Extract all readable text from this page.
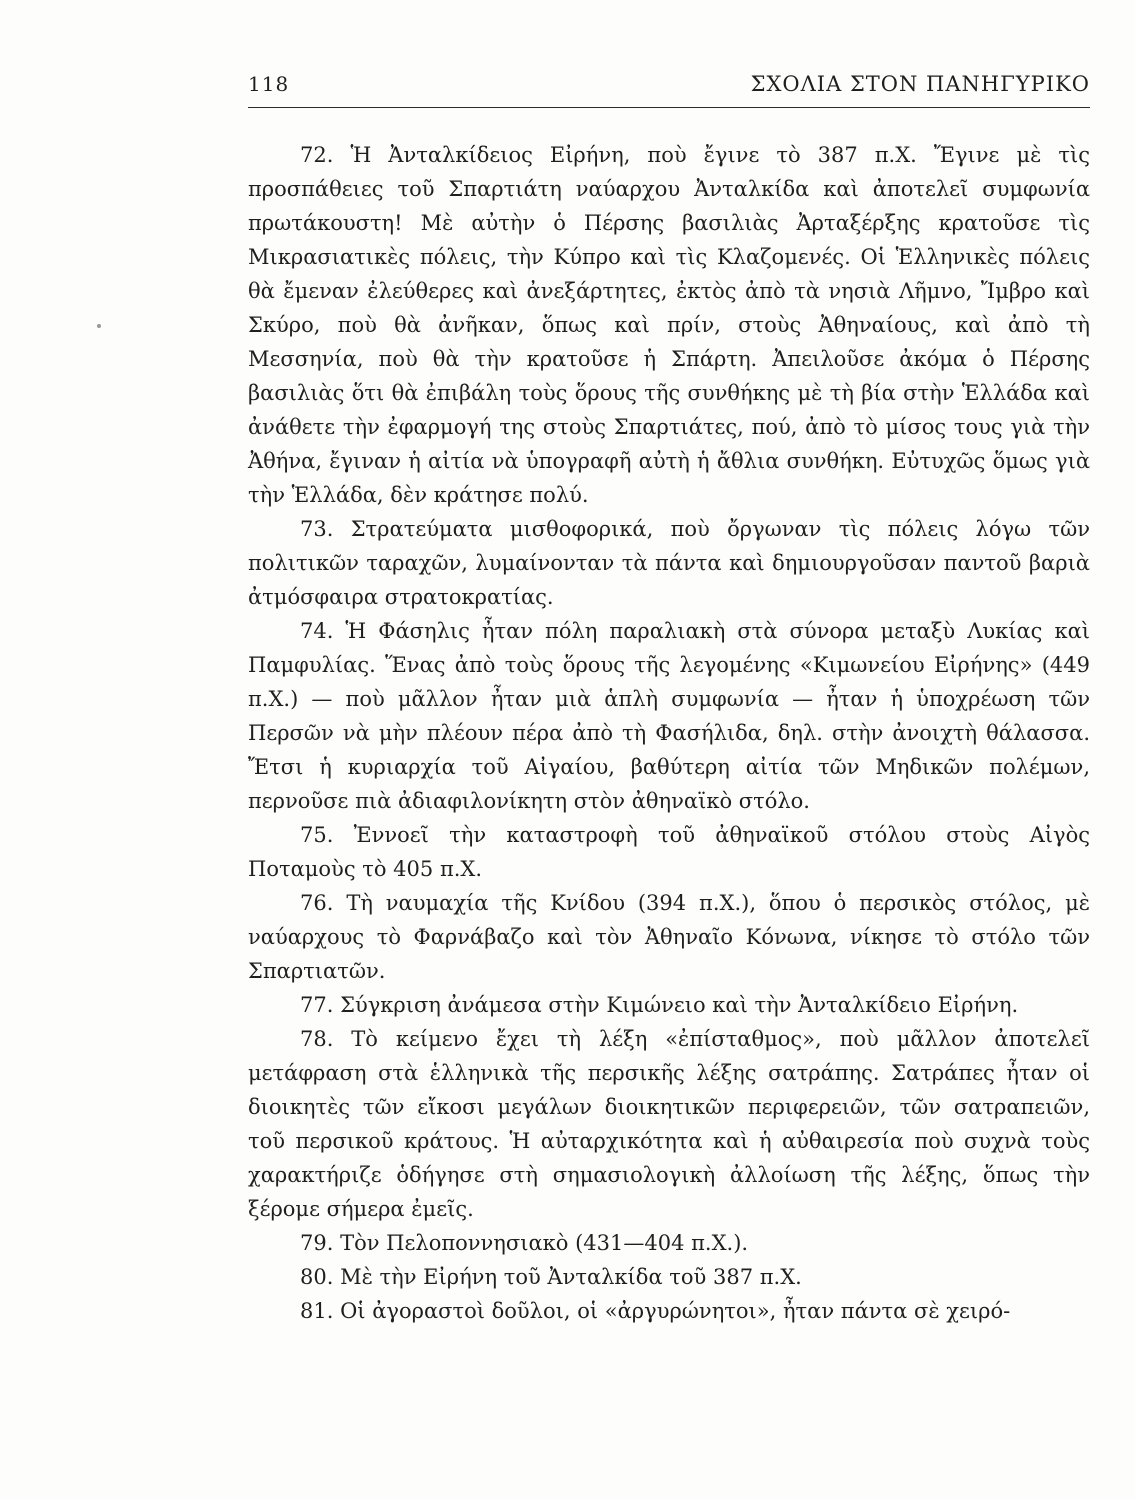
118	ΣΧΟΛΙΑ ΣΤΟΝ ΠΑΝΗΓΥΡΙΚΟ

72. Ἡ Ἀνταλκίδειος Εἰρήνη, ποὺ ἔγινε τὸ 387 π.Χ. Ἔγινε μὲ τὶς προσπάθειες τοῦ Σπαρτιάτη ναύαρχου Ἀνταλκίδα καὶ ἀποτελεῖ συμφωνία πρωτάκουστη! Μὲ αὐτὴν ὁ Πέρσης βασιλιὰς Ἀρταξέρξης κρατοῦσε τὶς Μικρασιατικὲς πόλεις, τὴν Κύπρο καὶ τὶς Κλαζομενές. Οἱ Ἑλληνικὲς πόλεις θὰ ἔμεναν ἐλεύθερες καὶ ἀνεξάρτητες, ἐκτὸς ἀπὸ τὰ νησιὰ Λῆμνο, Ἴμβρο καὶ Σκύρο, ποὺ θὰ ἀνῆκαν, ὅπως καὶ πρίν, στοὺς Ἀθηναίους, καὶ ἀπὸ τὴ Μεσσηνία, ποὺ θὰ τὴν κρατοῦσε ἡ Σπάρτη. Ἀπειλοῦσε ἀκόμα ὁ Πέρσης βασιλιὰς ὅτι θὰ ἐπιβάλη τοὺς ὅρους τῆς συνθήκης μὲ τὴ βία στὴν Ἑλλάδα καὶ ἀνάθετε τὴν ἐφαρμογή της στοὺς Σπαρτιάτες, πού, ἀπὸ τὸ μίσος τους γιὰ τὴν Ἀθήνα, ἔγιναν ἡ αἰτία νὰ ὑπογραφῆ αὐτὴ ἡ ἄθλια συνθήκη. Εὐτυχῶς ὅμως γιὰ τὴν Ἑλλάδα, δὲν κράτησε πολύ.

73. Στρατεύματα μισθοφορικά, ποὺ ὄργωναν τὶς πόλεις λόγω τῶν πολιτικῶν ταραχῶν, λυμαίνονταν τὰ πάντα καὶ δημιουργοῦσαν παντοῦ βαριὰ ἀτμόσφαιρα στρατοκρατίας.

74. Ἡ Φάσηλις ἦταν πόλη παραλιακὴ στὰ σύνορα μεταξὺ Λυκίας καὶ Παμφυλίας. Ἕνας ἀπὸ τοὺς ὅρους τῆς λεγομένης «Κιμωνείου Εἰρήνης» (449 π.Χ.) — ποὺ μᾶλλον ἦταν μιὰ ἁπλὴ συμφωνία — ἦταν ἡ ὑποχρέωση τῶν Περσῶν νὰ μὴν πλέουν πέρα ἀπὸ τὴ Φασήλιδα, δηλ. στὴν ἀνοιχτὴ θάλασσα. Ἔτσι ἡ κυριαρχία τοῦ Αἰγαίου, βαθύτερη αἰτία τῶν Μηδικῶν πολέμων, περνοῦσε πιὰ ἀδιαφιλονίκητη στὸν ἀθηναϊκὸ στόλο.

75. Ἐννοεῖ τὴν καταστροφὴ τοῦ ἀθηναϊκοῦ στόλου στοὺς Αἰγὸς Ποταμοὺς τὸ 405 π.Χ.

76. Τὴ ναυμαχία τῆς Κνίδου (394 π.Χ.), ὅπου ὁ περσικὸς στόλος, μὲ ναύαρχους τὸ Φαρνάβαζο καὶ τὸν Ἀθηναῖο Κόνωνα, νίκησε τὸ στόλο τῶν Σπαρτιατῶν.

77. Σύγκριση ἀνάμεσα στὴν Κιμώνειο καὶ τὴν Ἀνταλκίδειο Εἰρήνη.

78. Τὸ κείμενο ἔχει τὴ λέξη «ἐπίσταθμος», ποὺ μᾶλλον ἀποτελεῖ μετάφραση στὰ ἑλληνικὰ τῆς περσικῆς λέξης σατράπης. Σατράπες ἦταν οἱ διοικητὲς τῶν εἴκοσι μεγάλων διοικητικῶν περιφερειῶν, τῶν σατραπειῶν, τοῦ περσικοῦ κράτους. Ἡ αὐταρχικότητα καὶ ἡ αὐθαιρεσία ποὺ συχνὰ τοὺς χαρακτήριζε ὁδήγησε στὴ σημασιολογικὴ ἀλλοίωση τῆς λέξης, ὅπως τὴν ξέρομε σήμερα ἐμεῖς.

79. Τὸν Πελοποννησιακὸ (431—404 π.Χ.).

80. Μὲ τὴν Εἰρήνη τοῦ Ἀνταλκίδα τοῦ 387 π.Χ.

81. Οἱ ἀγοραστοὶ δοῦλοι, οἱ «ἀργυρώνητοι», ἦταν πάντα σὲ χειρό-
